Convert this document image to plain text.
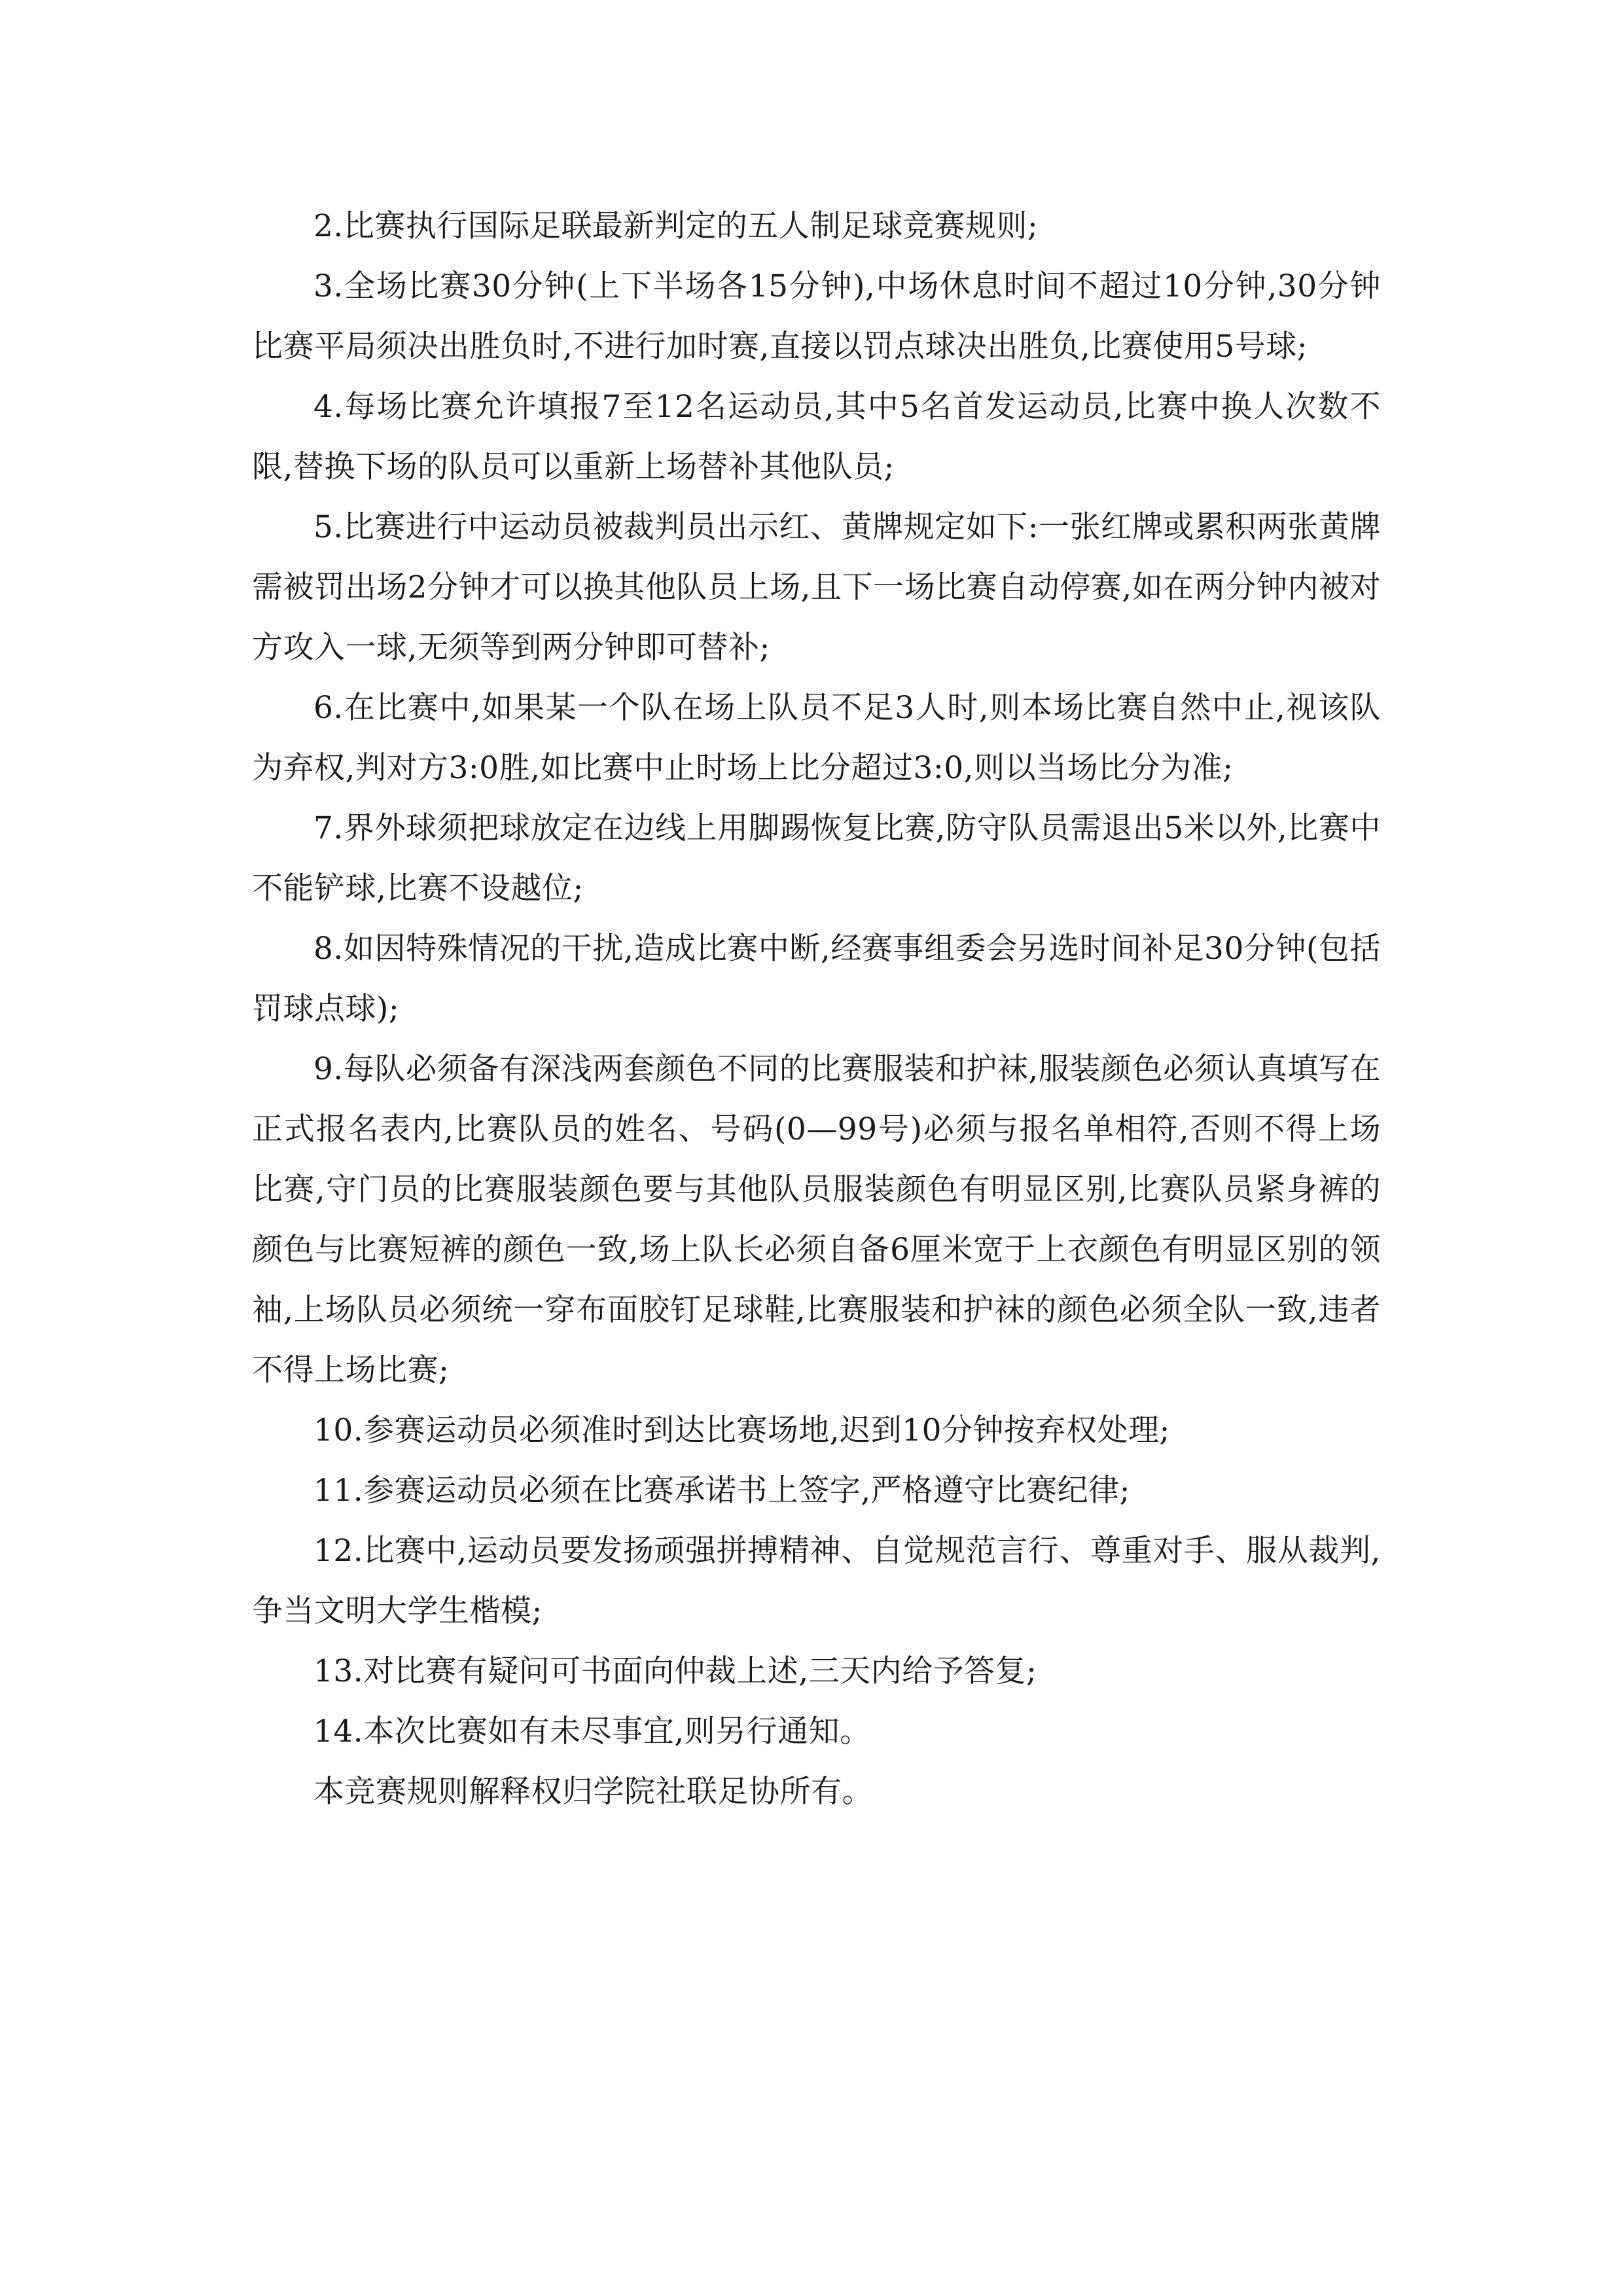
2.比赛执行国际足联最新判定的五人制足球竞赛规则;

3.全场比赛30分钟(上下半场各15分钟),中场休息时间不超过10分钟,30分钟比赛平局须决出胜负时,不进行加时赛,直接以罚点球决出胜负,比赛使用5号球;

4.每场比赛允许填报7至12名运动员,其中5名首发运动员,比赛中换人次数不限,替换下场的队员可以重新上场替补其他队员;

5.比赛进行中运动员被裁判员出示红、黄牌规定如下:一张红牌或累积两张黄牌需被罚出场2分钟才可以换其他队员上场,且下一场比赛自动停赛,如在两分钟内被对方攻入一球,无须等到两分钟即可替补;

6.在比赛中,如果某一个队在场上队员不足3人时,则本场比赛自然中止,视该队为弃权,判对方3:0胜,如比赛中止时场上比分超过3:0,则以当场比分为准;

7.界外球须把球放定在边线上用脚踢恢复比赛,防守队员需退出5米以外,比赛中不能铲球,比赛不设越位;

8.如因特殊情况的干扰,造成比赛中断,经赛事组委会另选时间补足30分钟(包括罚球点球);

9.每队必须备有深浅两套颜色不同的比赛服装和护袜,服装颜色必须认真填写在正式报名表内,比赛队员的姓名、号码(0—99号)必须与报名单相符,否则不得上场比赛,守门员的比赛服装颜色要与其他队员服装颜色有明显区别,比赛队员紧身裤的颜色与比赛短裤的颜色一致,场上队长必须自备6厘米宽于上衣颜色有明显区别的领袖,上场队员必须统一穿布面胶钉足球鞋,比赛服装和护袜的颜色必须全队一致,违者不得上场比赛;

10.参赛运动员必须准时到达比赛场地,迟到10分钟按弃权处理;

11.参赛运动员必须在比赛承诺书上签字,严格遵守比赛纪律;

12.比赛中,运动员要发扬顽强拼搏精神、自觉规范言行、尊重对手、服从裁判,争当文明大学生楷模;

13.对比赛有疑问可书面向仲裁上述,三天内给予答复;

14.本次比赛如有未尽事宜,则另行通知。

本竞赛规则解释权归学院社联足协所有。
